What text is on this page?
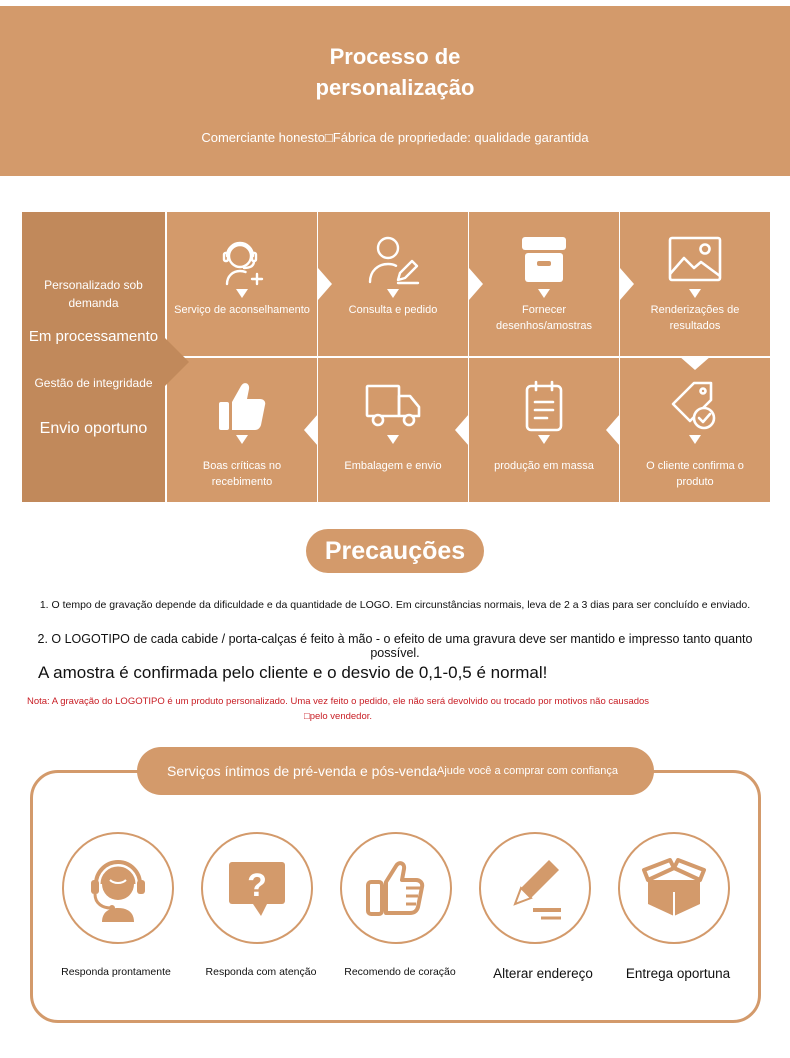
Processo de
personalização
Comerciante honesto□Fábrica de propriedade: qualidade garantida
Personalizado sob demanda
Em processamento
Gestão de integridade
Envio oportuno
Serviço de aconselhamento	Consulta e pedido	Fornecer desenhos/amostras
Renderizações de resultados
Boas críticas no recebimento
Embalagem e envio	produção em massa	O cliente confirma o produto
Precauções
1. O tempo de gravação depende da dificuldade e da quantidade de LOGO. Em circunstâncias normais, leva de 2 a 3 dias para ser concluído e enviado.
2. O LOGOTIPO de cada cabide / porta-calças é feito à mão - o efeito de uma gravura deve ser mantido e impresso tanto quanto possível.
A amostra é confirmada pelo cliente e o desvio de 0,1-0,5 é normal!
Nota: A gravação do LOGOTIPO é um produto personalizado. Uma vez feito o pedido, ele não será devolvido ou trocado por motivos não causados □pelo vendedor.
Serviços íntimos de pré-venda e pós-venda Ajude você a comprar com confiança
?
Responda prontamente	Responda com atenção	Recomendo de coração	Alterar endereço	Entrega oportuna
